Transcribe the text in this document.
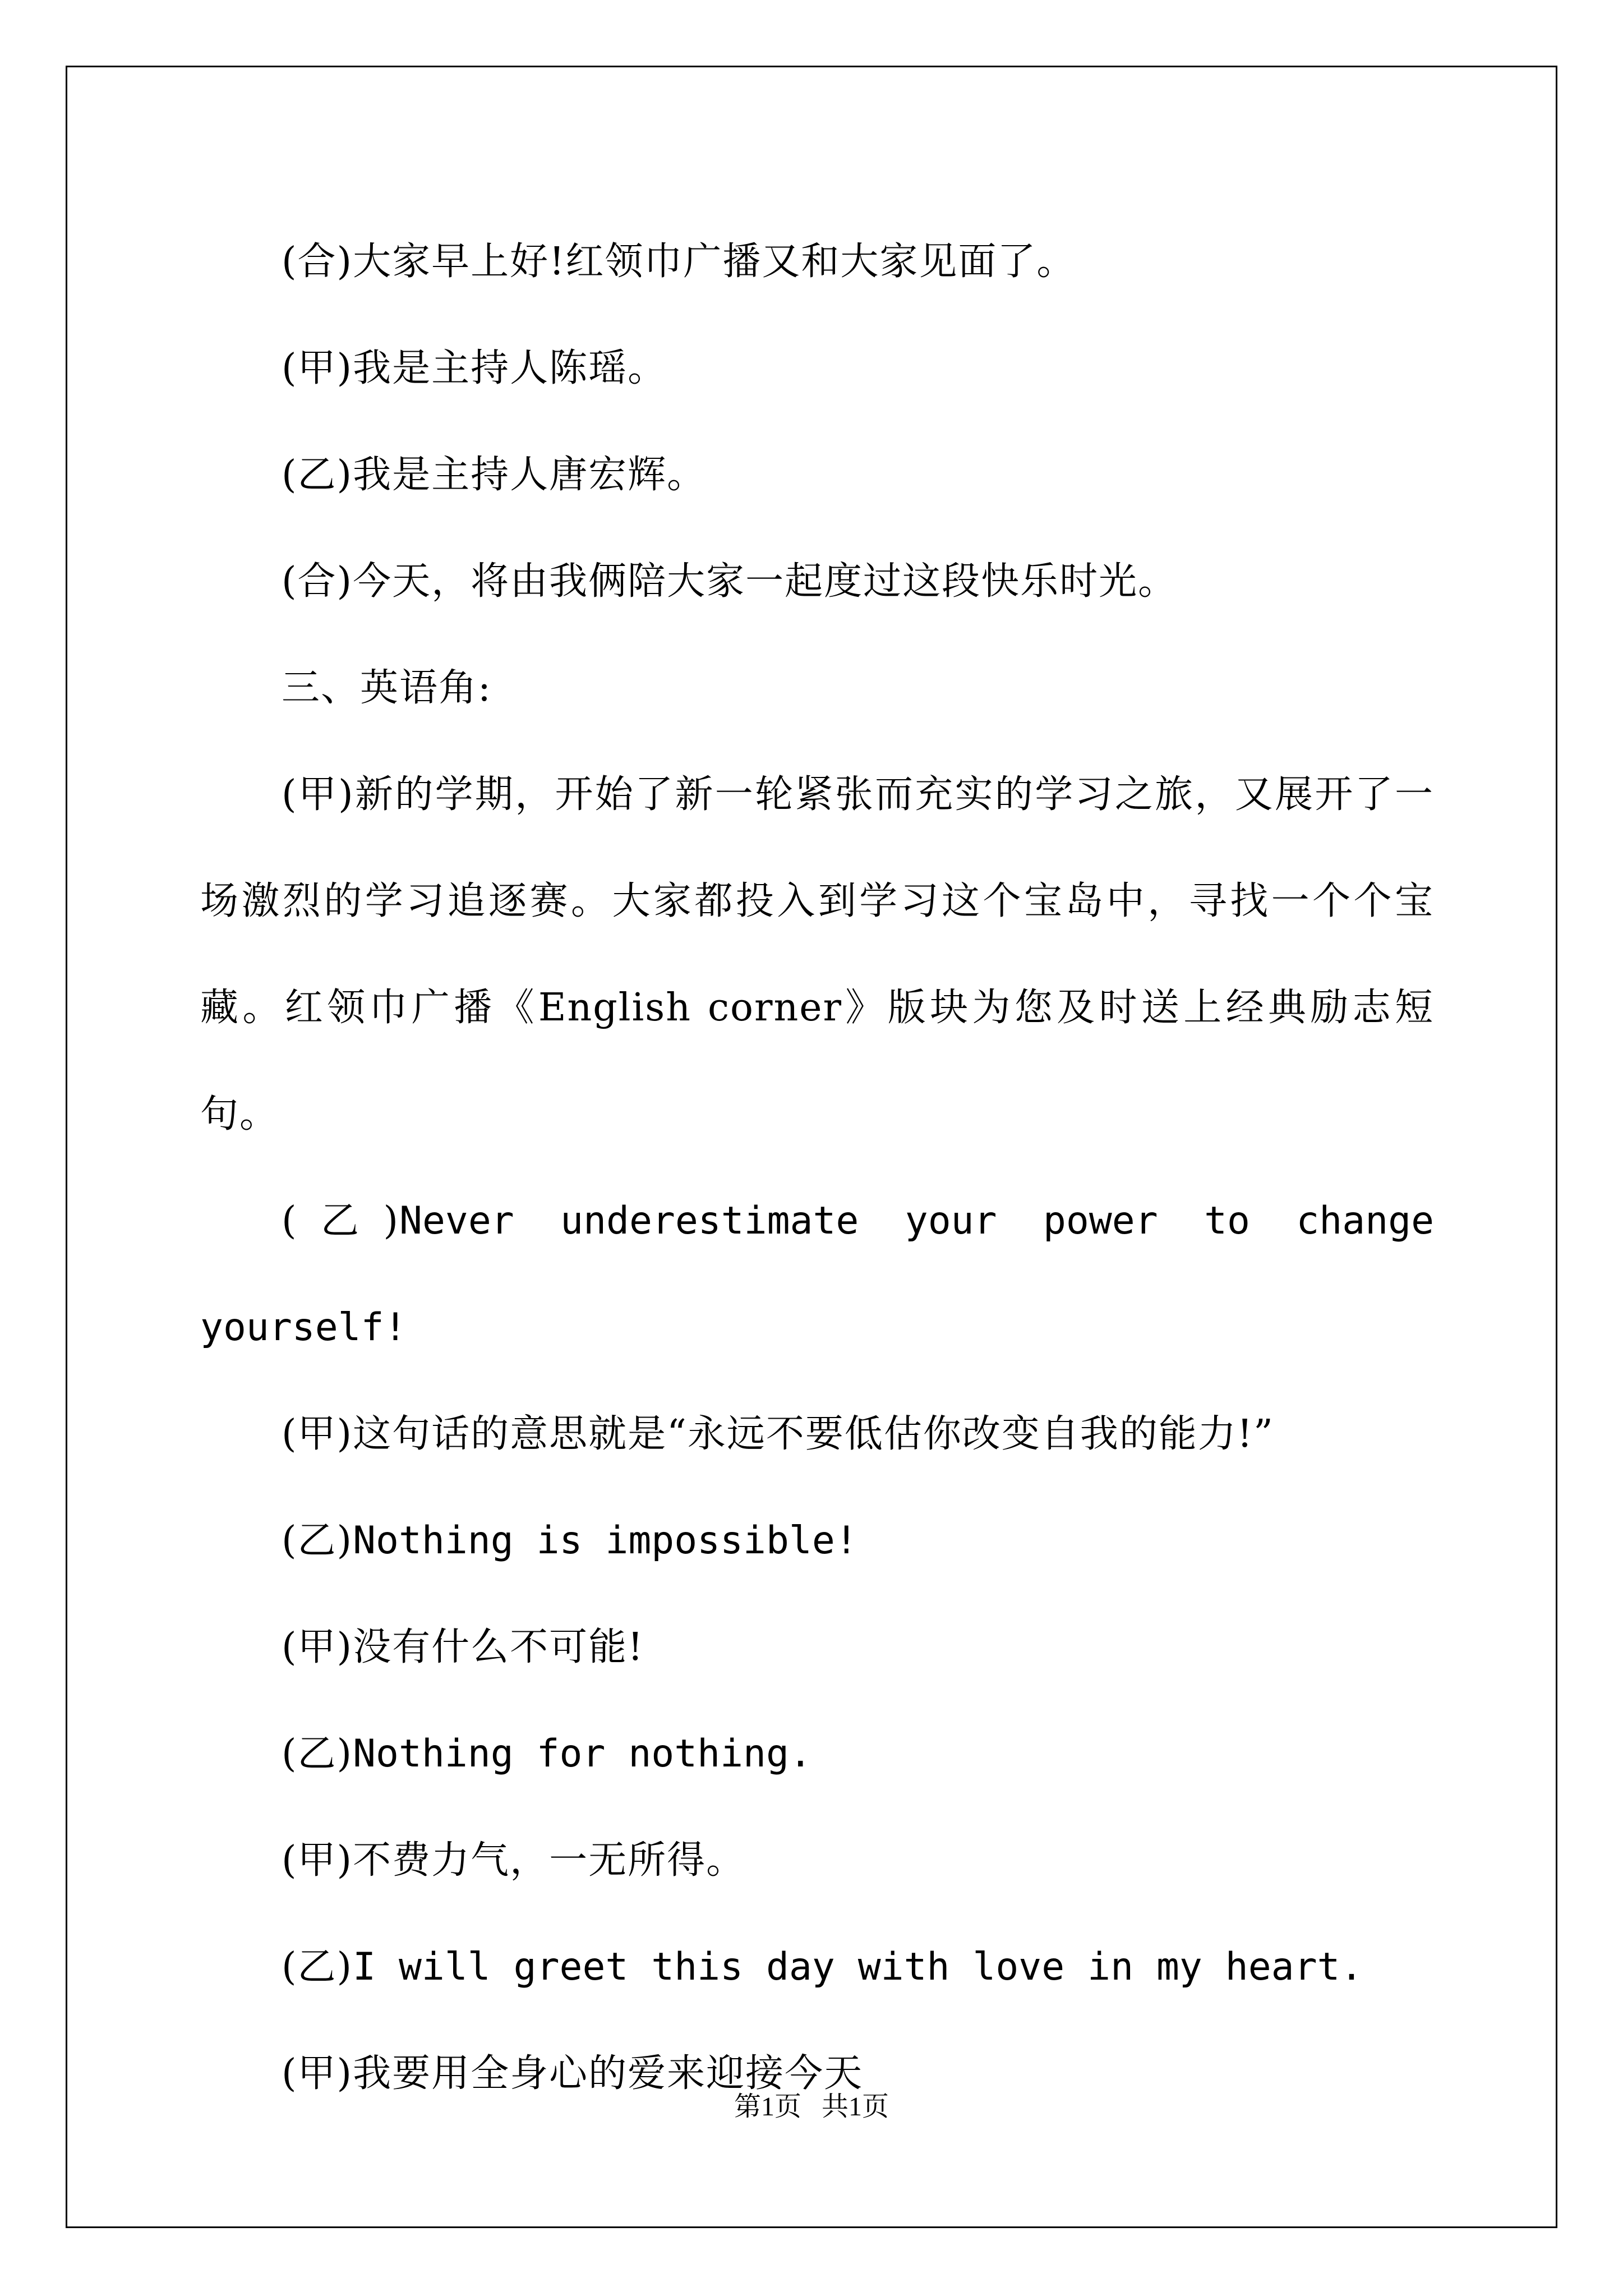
(合)大家早上好!红领巾广播又和大家见面了。

(甲)我是主持人陈瑶。

(乙)我是主持人唐宏辉。

(合)今天，将由我俩陪大家一起度过这段快乐时光。

三、英语角:

(甲)新的学期，开始了新一轮紧张而充实的学习之旅，又展开了一场激烈的学习追逐赛。大家都投入到学习这个宝岛中，寻找一个个宝藏。红领巾广播《English corner》版块为您及时送上经典励志短句。

(乙)Never underestimate your power to change yourself!

(甲)这句话的意思就是“永远不要低估你改变自我的能力!”

(乙)Nothing is impossible!

(甲)没有什么不可能!

(乙)Nothing for nothing.

(甲)不费力气，一无所得。

(乙)I will greet this day with love in my heart.

(甲)我要用全身心的爱来迎接今天

第1页 共1页
